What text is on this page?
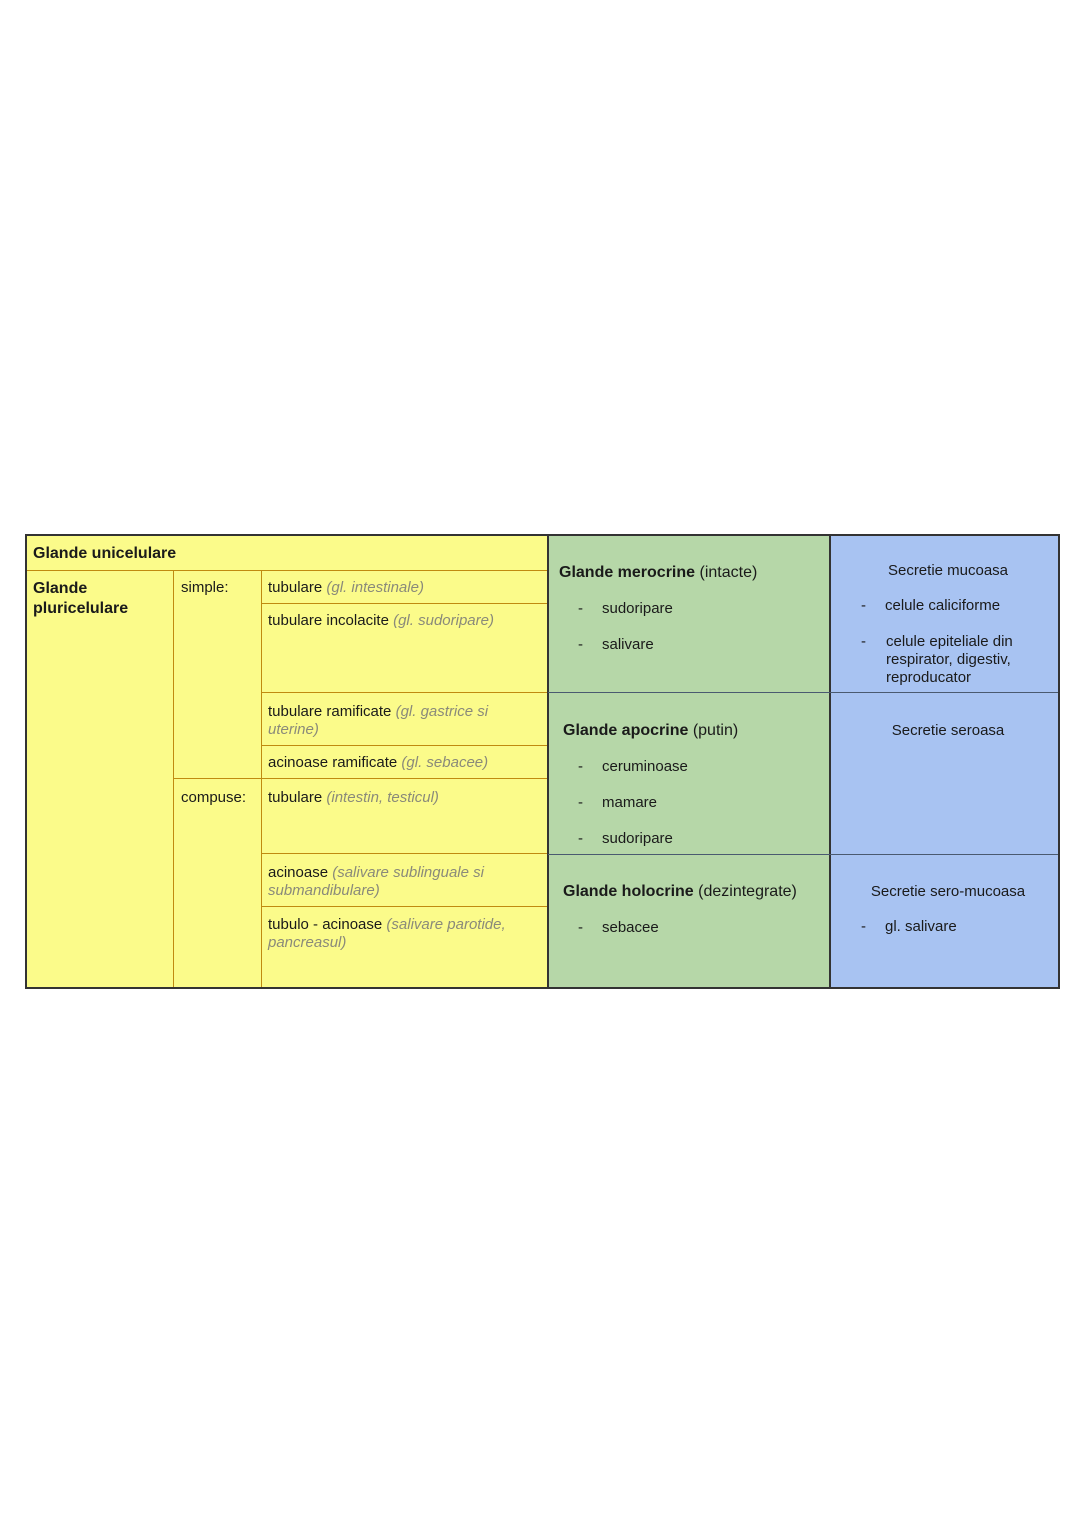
Glande unicelulare
Glande pluricelulare
simple:
compuse:
tubulare (gl. intestinale)
tubulare incolacite (gl. sudoripare)
tubulare ramificate (gl. gastrice si uterine)
acinoase ramificate (gl. sebacee)
tubulare (intestin, testicul)
acinoase (salivare sublinguale si submandibulare)
tubulo - acinoase (salivare parotide, pancreasul)
Glande merocrine (intacte)
- sudoripare
- salivare
Glande apocrine (putin)
- ceruminoase
- mamare
- sudoripare
Glande holocrine (dezintegrate)
- sebacee
Secretie mucoasa
- celule caliciforme
- celule epiteliale din respirator, digestiv, reproducator
Secretie seroasa
Secretie sero-mucoasa
- gl. salivare
